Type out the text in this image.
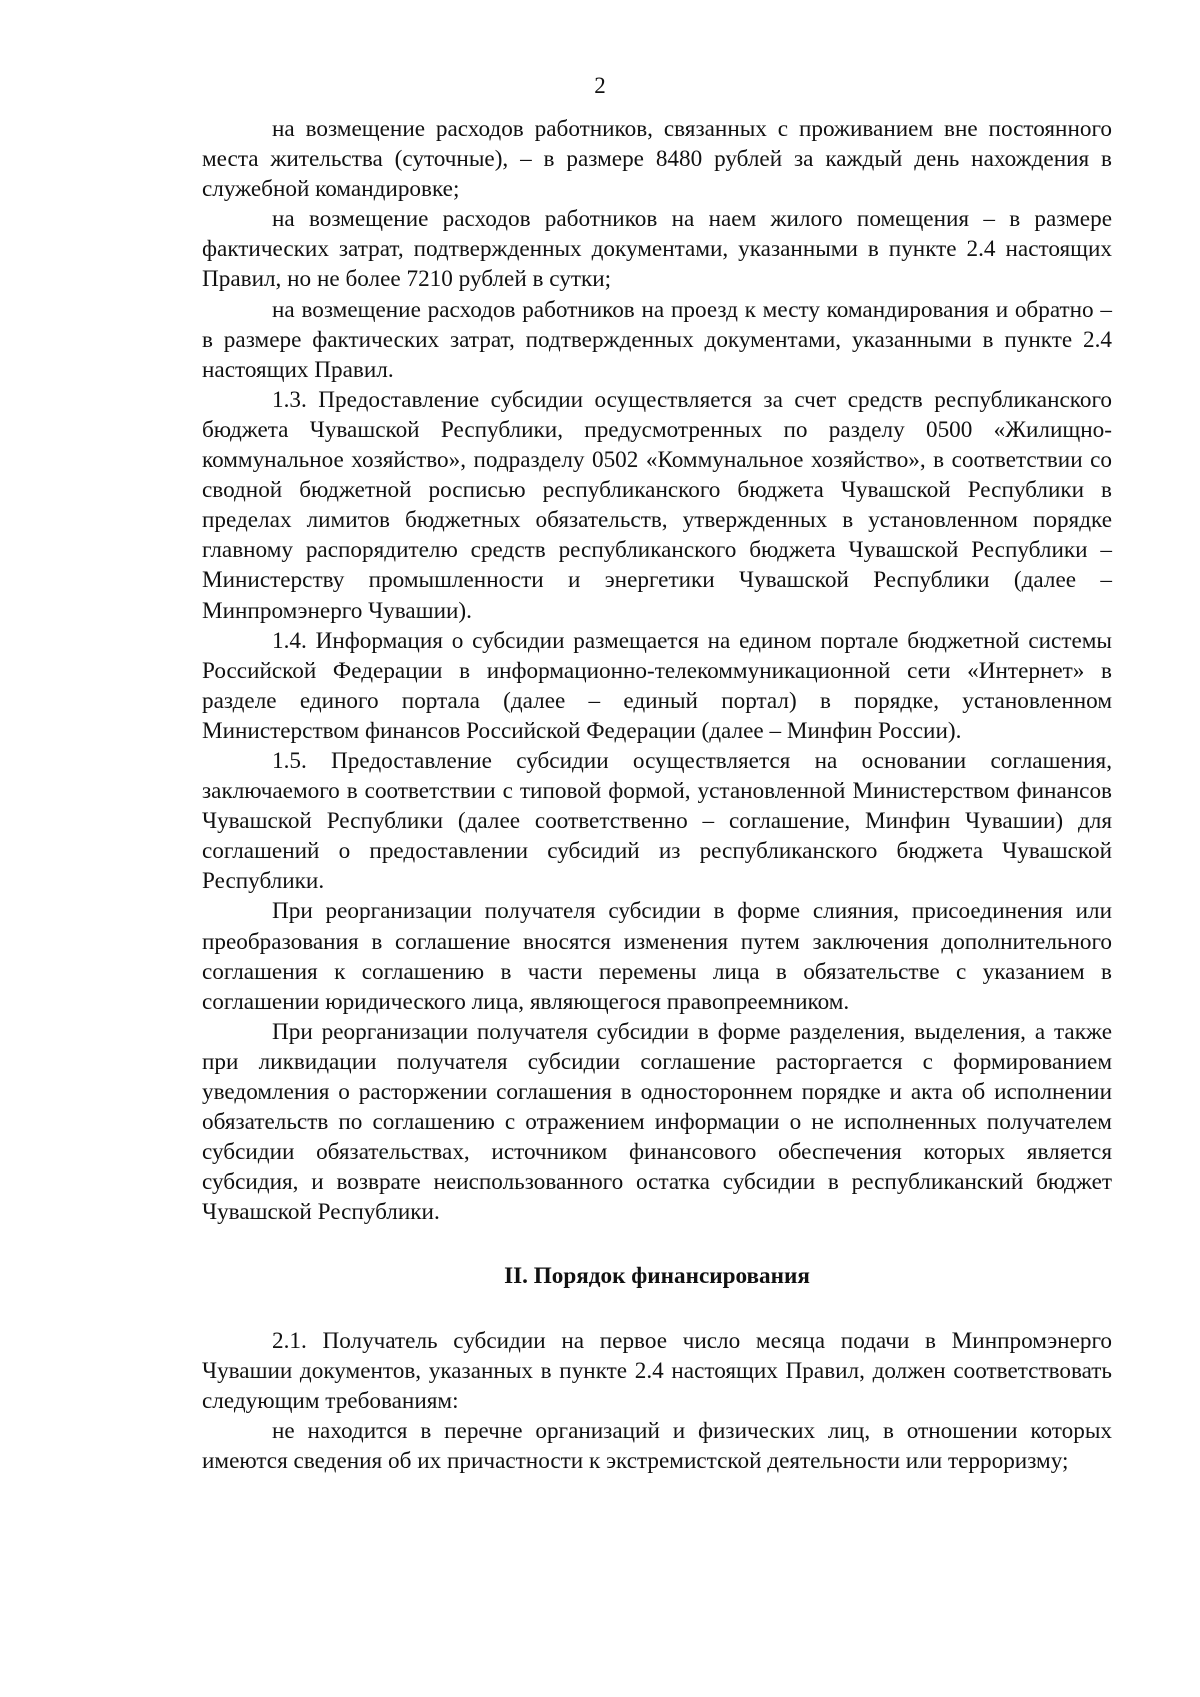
2

на возмещение расходов работников, связанных с проживанием вне постоянного места жительства (суточные), – в размере 8480 рублей за каждый день нахождения в служебной командировке;

на возмещение расходов работников на наем жилого помещения – в размере фактических затрат, подтвержденных документами, указанными в пункте 2.4 настоящих Правил, но не более 7210 рублей в сутки;

на возмещение расходов работников на проезд к месту командирования и обратно – в размере фактических затрат, подтвержденных документами, указанными в пункте 2.4 настоящих Правил.

1.3. Предоставление субсидии осуществляется за счет средств республиканского бюджета Чувашской Республики, предусмотренных по разделу 0500 «Жилищно-коммунальное хозяйство», подразделу 0502 «Коммунальное хозяйство», в соответствии со сводной бюджетной росписью республиканского бюджета Чувашской Республики в пределах лимитов бюджетных обязательств, утвержденных в установленном порядке главному распорядителю средств республиканского бюджета Чувашской Республики – Министерству промышленности и энергетики Чувашской Республики (далее – Минпромэнерго Чувашии).

1.4. Информация о субсидии размещается на едином портале бюджетной системы Российской Федерации в информационно-телекоммуникационной сети «Интернет» в разделе единого портала (далее – единый портал) в порядке, установленном Министерством финансов Российской Федерации (далее – Минфин России).

1.5. Предоставление субсидии осуществляется на основании соглашения, заключаемого в соответствии с типовой формой, установленной Министерством финансов Чувашской Республики (далее соответственно – соглашение, Минфин Чувашии) для соглашений о предоставлении субсидий из республиканского бюджета Чувашской Республики.

При реорганизации получателя субсидии в форме слияния, присоединения или преобразования в соглашение вносятся изменения путем заключения дополнительного соглашения к соглашению в части перемены лица в обязательстве с указанием в соглашении юридического лица, являющегося правопреемником.

При реорганизации получателя субсидии в форме разделения, выделения, а также при ликвидации получателя субсидии соглашение расторгается с формированием уведомления о расторжении соглашения в одностороннем порядке и акта об исполнении обязательств по соглашению с отражением информации о не исполненных получателем субсидии обязательствах, источником финансового обеспечения которых является субсидия, и возврате неиспользованного остатка субсидии в республиканский бюджет Чувашской Республики.

II. Порядок финансирования

2.1. Получатель субсидии на первое число месяца подачи в Минпромэнерго Чувашии документов, указанных в пункте 2.4 настоящих Правил, должен соответствовать следующим требованиям:

не находится в перечне организаций и физических лиц, в отношении которых имеются сведения об их причастности к экстремистской деятельности или терроризму;
